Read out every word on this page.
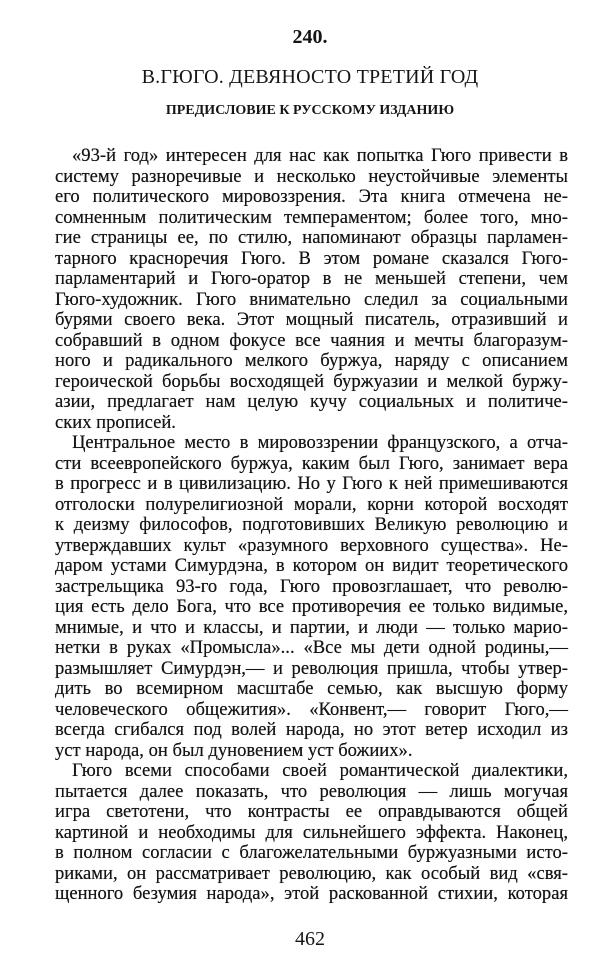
240.
В.ГЮГО. ДЕВЯНОСТО ТРЕТИЙ ГОД
ПРЕДИСЛОВИЕ К РУССКОМУ ИЗДАНИЮ
«93-й год» интересен для нас как попытка Гюго привести в
систему разноречивые и несколько неустойчивые элементы
его политического мировоззрения. Эта книга отмечена не-
сомненным политическим темпераментом; более того, мно-
гие страницы ее, по стилю, напоминают образцы парламен-
тарного красноречия Гюго. В этом романе сказался Гюго-
парламентарий и Гюго-оратор в не меньшей степени, чем
Гюго-художник. Гюго внимательно следил за социальными
бурями своего века. Этот мощный писатель, отразивший и
собравший в одном фокусе все чаяния и мечты благоразум-
ного и радикального мелкого буржуа, наряду с описанием
героической борьбы восходящей буржуазии и мелкой буржу-
азии, предлагает нам целую кучу социальных и политиче-
ских прописей.
Центральное место в мировоззрении французского, а отча-
сти всеевропейского буржуа, каким был Гюго, занимает вера
в прогресс и в цивилизацию. Но у Гюго к ней примешиваются
отголоски полурелигиозной морали, корни которой восходят
к деизму философов, подготовивших Великую революцию и
утверждавших культ «разумного верховного существа». Не-
даром устами Симурдэна, в котором он видит теоретического
застрельщика 93-го года, Гюго провозглашает, что револю-
ция есть дело Бога, что все противоречия ее только видимые,
мнимые, и что и классы, и партии, и люди — только марио-
нетки в руках «Промысла»... «Все мы дети одной родины,—
размышляет Симурдэн,— и революция пришла, чтобы утвер-
дить во всемирном масштабе семью, как высшую форму
человеческого общежития». «Конвент,— говорит Гюго,—
всегда сгибался под волей народа, но этот ветер исходил из
уст народа, он был дуновением уст божиих».
Гюго всеми способами своей романтической диалектики,
пытается далее показать, что революция — лишь могучая
игра светотени, что контрасты ее оправдываются общей
картиной и необходимы для сильнейшего эффекта. Наконец,
в полном согласии с благожелательными буржуазными исто-
риками, он рассматривает революцию, как особый вид «свя-
щенного безумия народа», этой раскованной стихии, которая
462
